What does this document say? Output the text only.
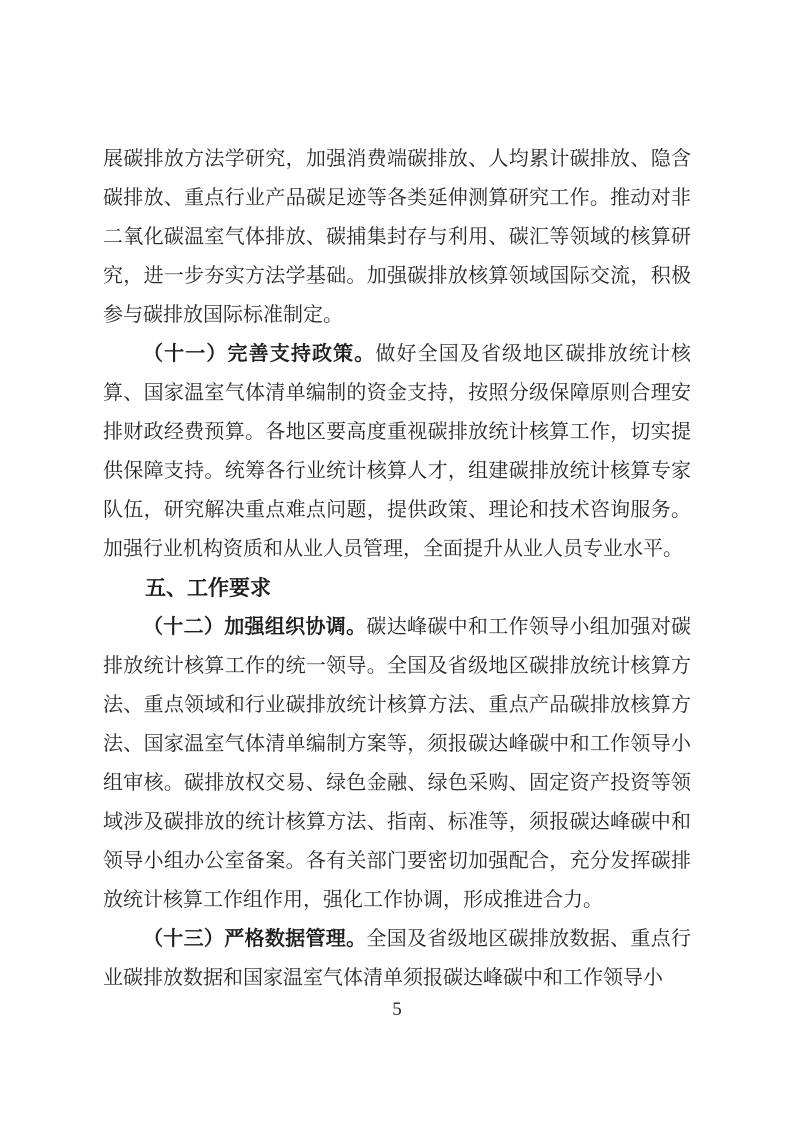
展碳排放方法学研究，加强消费端碳排放、人均累计碳排放、隐含碳排放、重点行业产品碳足迹等各类延伸测算研究工作。推动对非二氧化碳温室气体排放、碳捕集封存与利用、碳汇等领域的核算研究，进一步夯实方法学基础。加强碳排放核算领域国际交流，积极参与碳排放国际标准制定。

（十一）完善支持政策。做好全国及省级地区碳排放统计核算、国家温室气体清单编制的资金支持，按照分级保障原则合理安排财政经费预算。各地区要高度重视碳排放统计核算工作，切实提供保障支持。统筹各行业统计核算人才，组建碳排放统计核算专家队伍，研究解决重点难点问题，提供政策、理论和技术咨询服务。加强行业机构资质和从业人员管理，全面提升从业人员专业水平。

五、工作要求

（十二）加强组织协调。碳达峰碳中和工作领导小组加强对碳排放统计核算工作的统一领导。全国及省级地区碳排放统计核算方法、重点领域和行业碳排放统计核算方法、重点产品碳排放核算方法、国家温室气体清单编制方案等，须报碳达峰碳中和工作领导小组审核。碳排放权交易、绿色金融、绿色采购、固定资产投资等领域涉及碳排放的统计核算方法、指南、标准等，须报碳达峰碳中和领导小组办公室备案。各有关部门要密切加强配合，充分发挥碳排放统计核算工作组作用，强化工作协调，形成推进合力。

（十三）严格数据管理。全国及省级地区碳排放数据、重点行业碳排放数据和国家温室气体清单须报碳达峰碳中和工作领导小

5
